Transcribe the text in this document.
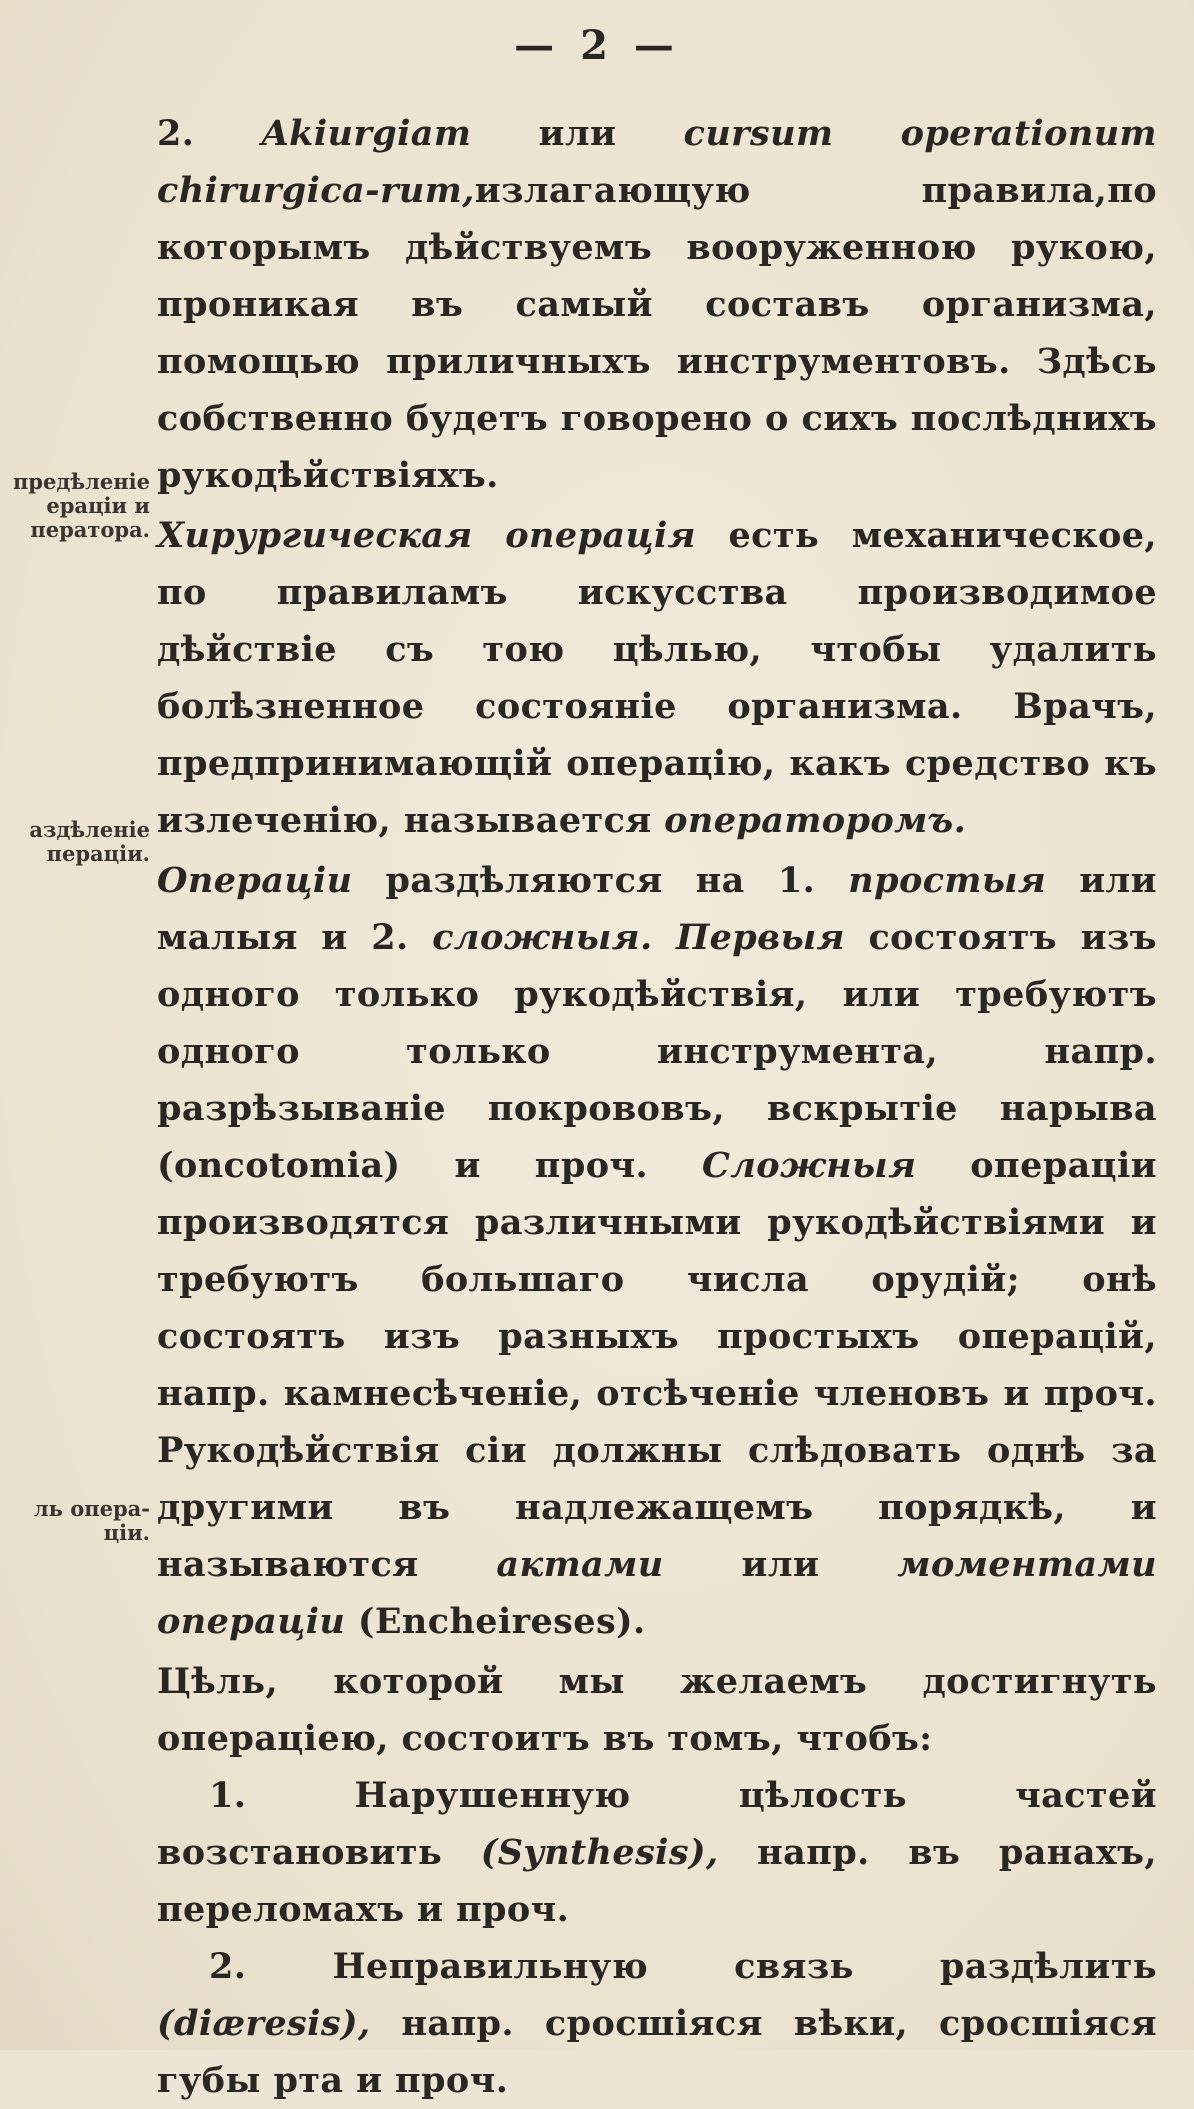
— 2 —
предѣленіе
ераціи и
ператора.
аздѣленіе
пераціи.
ль опера-
ціи.

2. Akiurgiam или cursum operationum chirurgica-rum,излагающую правила,по которымъ дѣйствуемъ вооруженною рукою, проникая въ самый составъ организма, помощью приличныхъ инструментовъ. Здѣсь собственно будетъ говорено о сихъ послѣднихъ рукодѣйствіяхъ.

Хирургическая операція есть механическое, по правиламъ искусства производимое дѣйствіе съ тою цѣлью, чтобы удалить болѣзненное состояніе организма. Врачъ, предпринимающій операцію, какъ средство къ излеченію, называется операторомъ.

Операціи раздѣляются на 1. простыя или малыя и 2. сложныя. Первыя состоятъ изъ одного только рукодѣйствія, или требуютъ одного только инструмента, напр. разрѣзываніе покрововъ, вскрытіе нарыва (oncotomia) и проч. Сложныя операціи производятся различными рукодѣйствіями и требуютъ большаго числа орудій; онѣ состоятъ изъ разныхъ простыхъ операцій, напр. камнесѣченіе, отсѣченіе членовъ и проч. Рукодѣйствія сіи должны слѣдовать однѣ за другими въ надлежащемъ порядкѣ, и называются актами или моментами операціи (Encheireses).

Цѣль, которой мы желаемъ достигнуть операціею, состоитъ въ томъ, чтобъ:

1. Нарушенную цѣлость частей возстановить (Synthesis), напр. въ ранахъ, переломахъ и проч.

2. Неправильную связь раздѣлить (diæresis), напр. сросшіяся вѣки, сросшіяся губы рта и проч.
